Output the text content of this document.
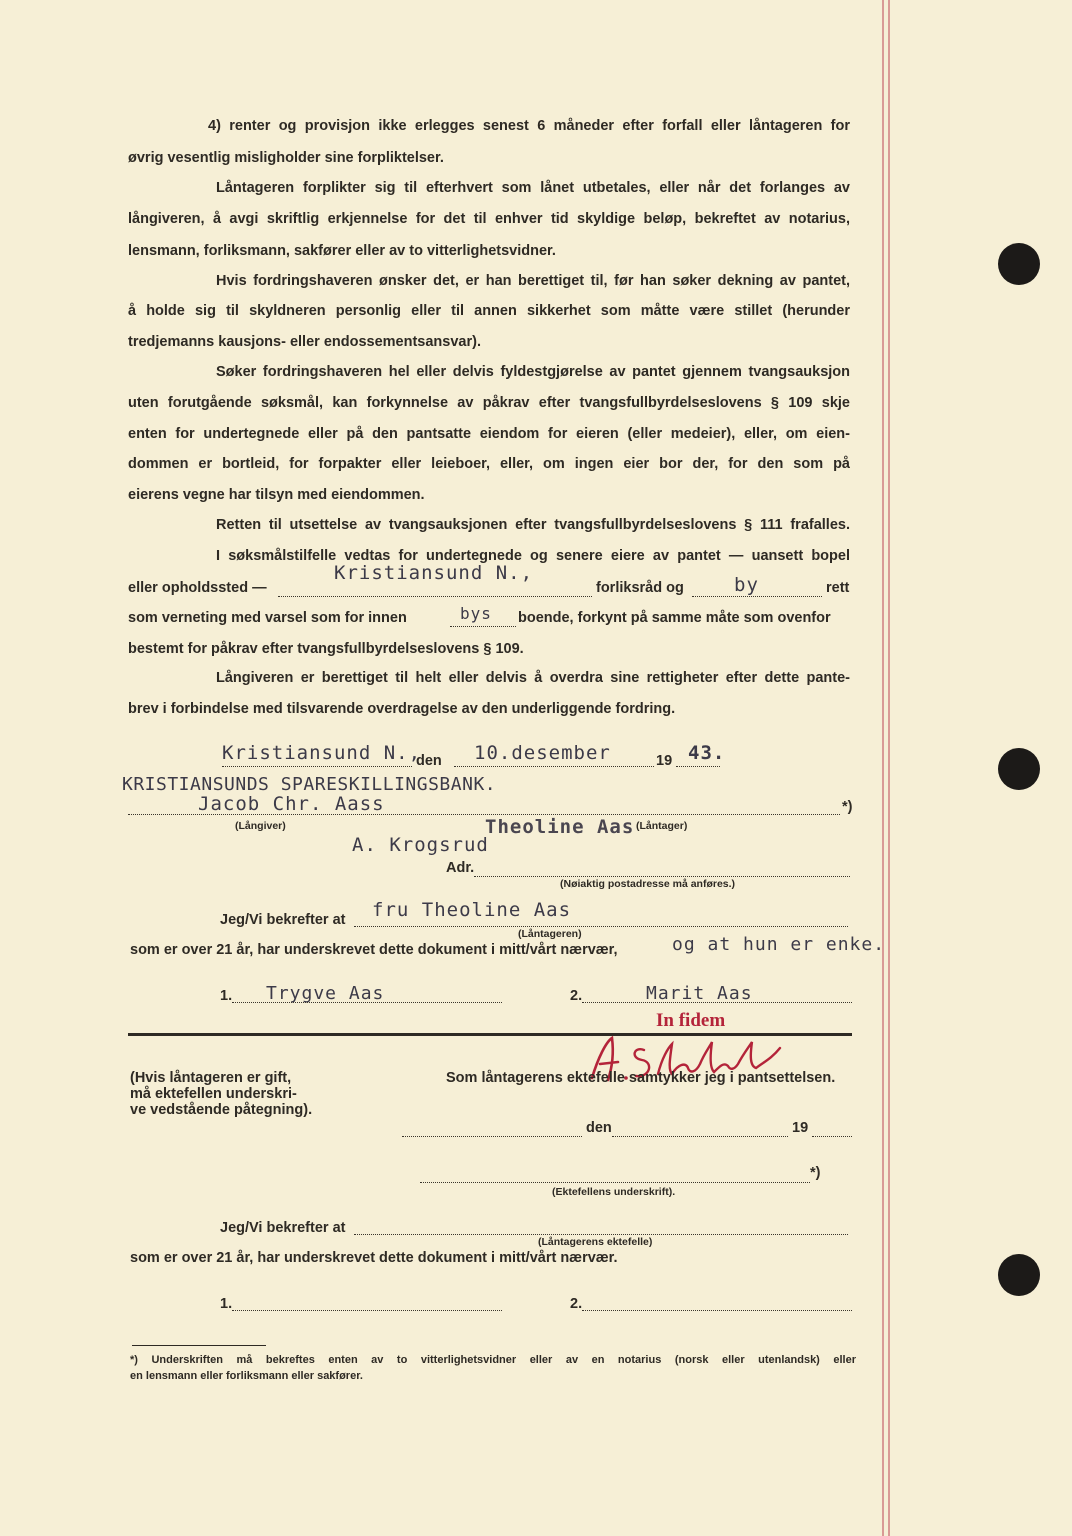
4) renter og provisjon ikke erlegges senest 6 måneder efter forfall eller låntageren for
øvrig vesentlig misligholder sine forpliktelser.
Låntageren forplikter sig til efterhvert som lånet utbetales, eller når det forlanges av
långiveren, å avgi skriftlig erkjennelse for det til enhver tid skyldige beløp, bekreftet av notarius,
lensmann, forliksmann, sakfører eller av to vitterlighetsvidner.
Hvis fordringshaveren ønsker det, er han berettiget til, før han søker dekning av pantet,
å holde sig til skyldneren personlig eller til annen sikkerhet som måtte være stillet (herunder
tredjemanns kausjons- eller endossementsansvar).
Søker fordringshaveren hel eller delvis fyldestgjørelse av pantet gjennem tvangsauksjon
uten forutgående søksmål, kan forkynnelse av påkrav efter tvangsfullbyrdelseslovens § 109 skje
enten for undertegnede eller på den pantsatte eiendom for eieren (eller medeier), eller, om eien-
dommen er bortleid, for forpakter eller leieboer, eller, om ingen eier bor der, for den som på
eierens vegne har tilsyn med eiendommen.
Retten til utsettelse av tvangsauksjonen efter tvangsfullbyrdelseslovens § 111 frafalles.
I søksmålstilfelle vedtas for undertegnede og senere eiere av pantet — uansett bopel
eller opholdssted —
Kristiansund N.,
forliksråd og	by	rett
som verneting med varsel som for innen	bys boende, forkynt på samme måte som ovenfor
bestemt for påkrav efter tvangsfullbyrdelseslovens § 109.
Långiveren er berettiget til helt eller delvis å overdra sine rettigheter efter dette pante-
brev i forbindelse med tilsvarende overdragelse av den underliggende fordring.
Kristiansund N.,
den 10.desember	19 43.
KRISTIANSUNDS SPARESKILLINGSBANK.
Jacob Chr. Aass	*)
(Långiver)	Theoline Aas (Låntager)
A. Krogsrud
Adr.
(Nøiaktig postadresse må anføres.)
Jeg/Vi bekrefter at fru Theoline Aas
(Låntageren)
som er over 21 år, har underskrevet dette dokument i mitt/vårt nærvær,	og at hun er enke.
1. Trygve Aas	2.	Marit Aas
In fidem
A. Sjolsvik
(Hvis låntageren er gift,
må ektefellen underskri-
ve vedstående påtegning).
Som låntagerens ektefelle samtykker jeg i pantsettelsen.
den	19
*)
(Ektefellens underskrift).
Jeg/Vi bekrefter at
(Låntagerens ektefelle)
som er over 21 år, har underskrevet dette dokument i mitt/vårt nærvær.
1.	2.
*) Underskriften må bekreftes enten av to vitterlighetsvidner eller av en notarius (norsk eller utenlandsk) eller
en lensmann eller forliksmann eller sakfører.
